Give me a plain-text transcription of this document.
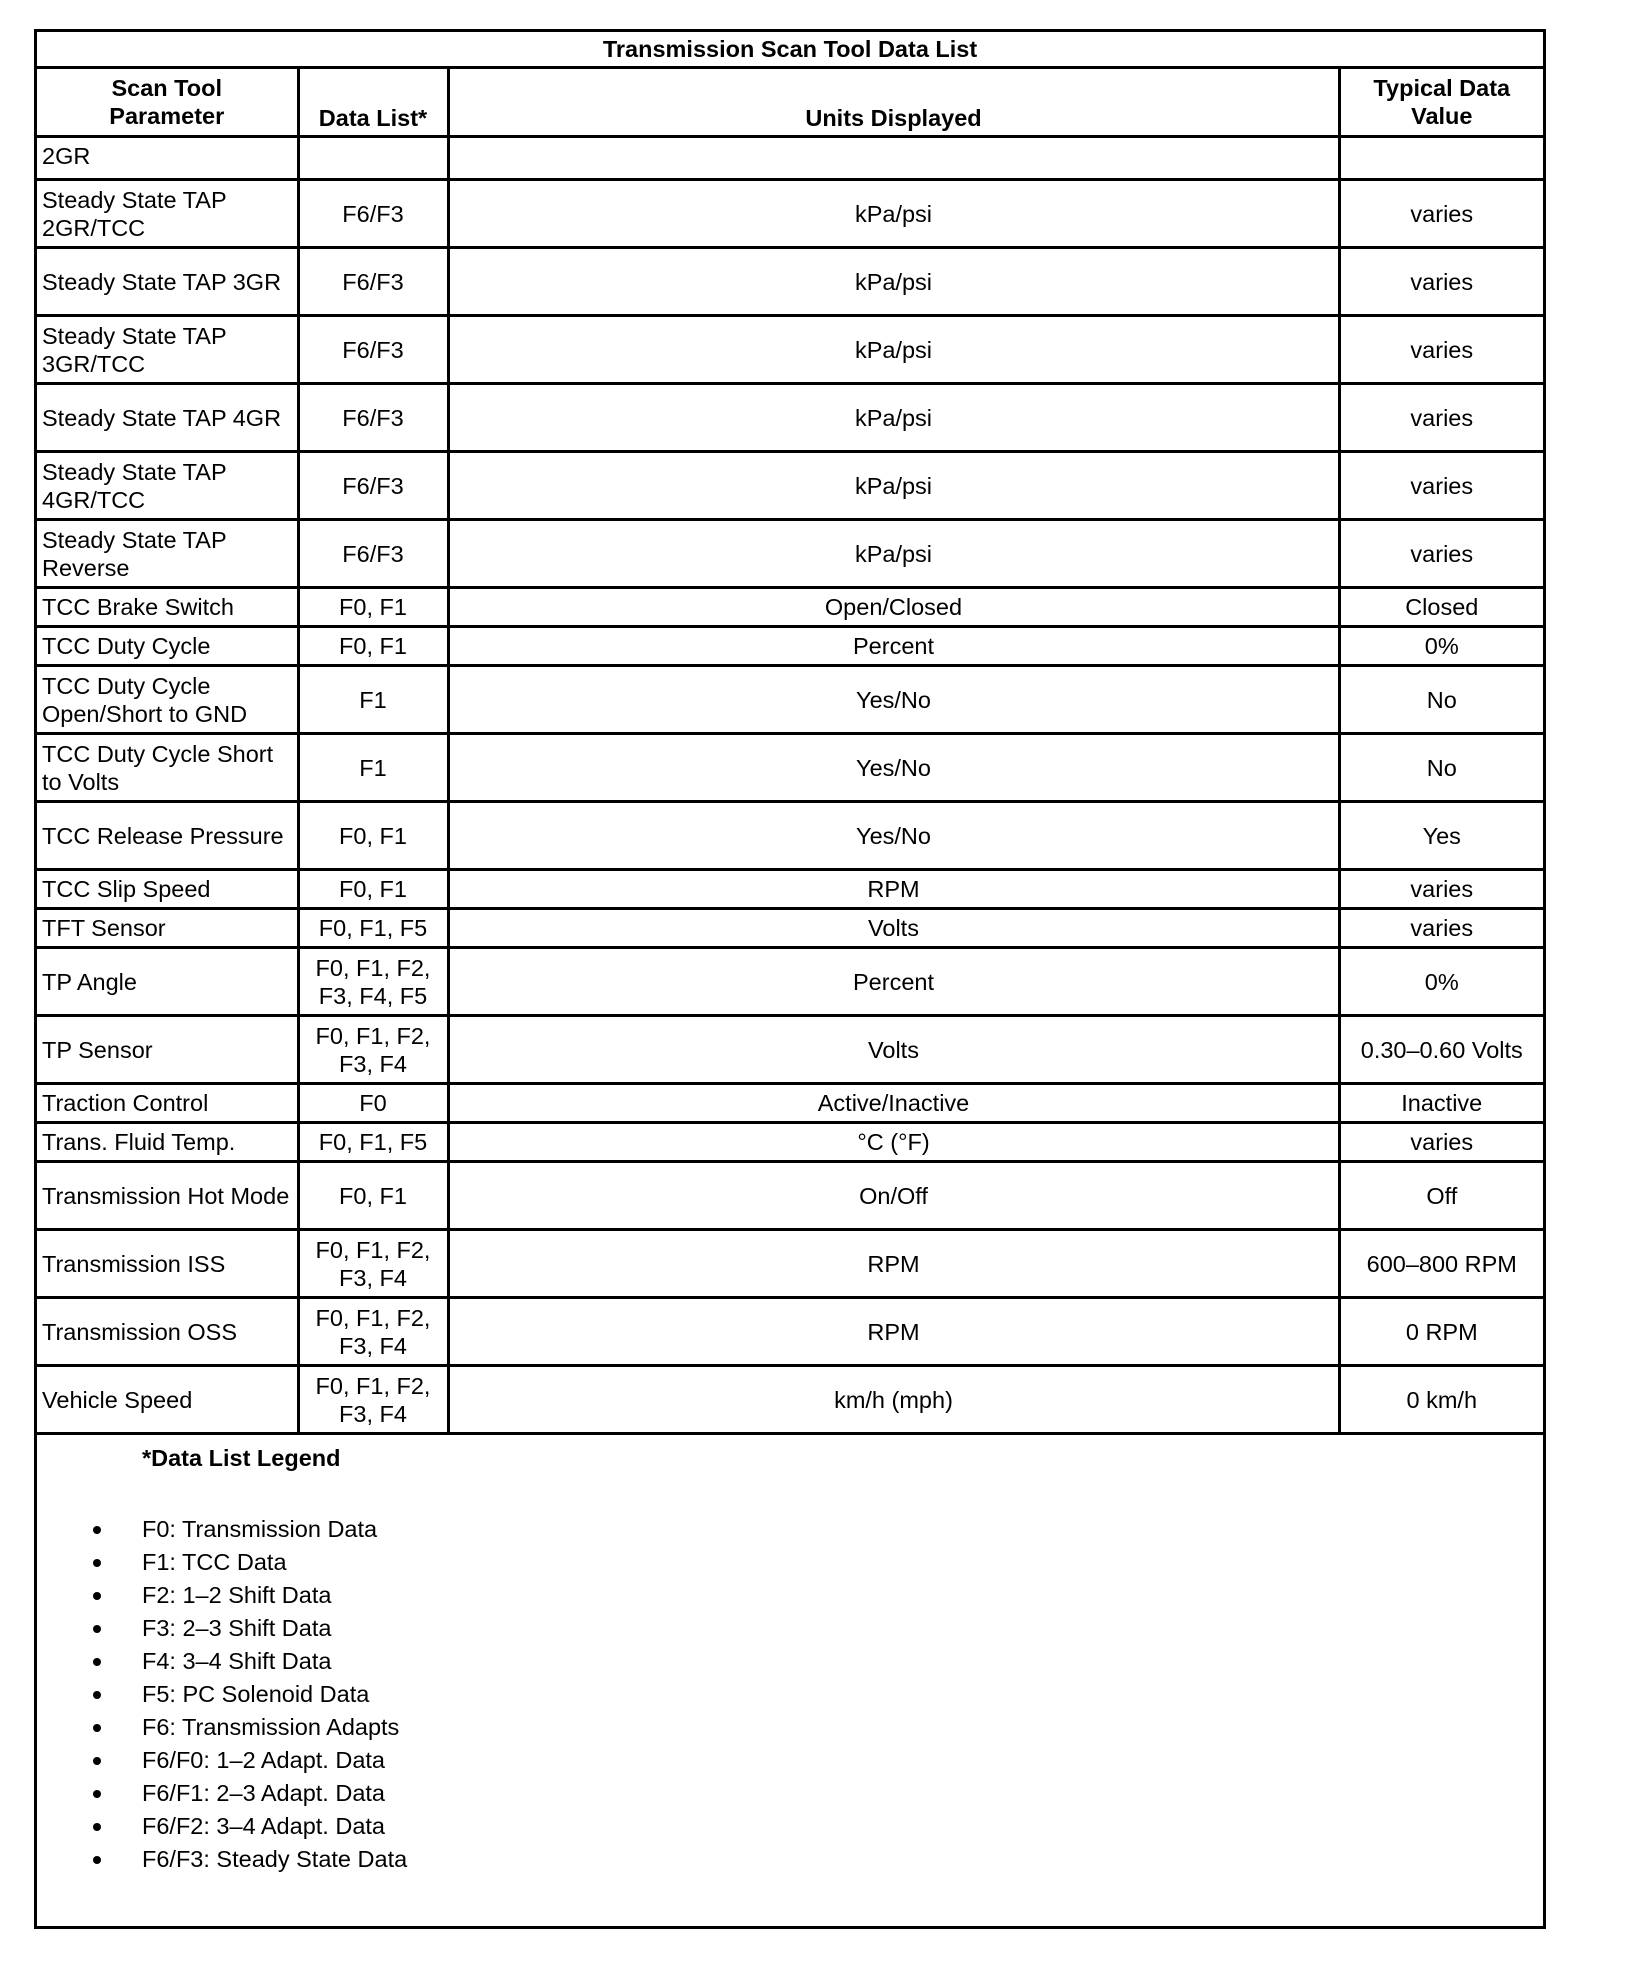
Transmission Scan Tool Data List			
Scan Tool Parameter	Data List*	Units Displayed	Typical Data Value
2GR			
Steady State TAP 2GR/TCC	F6/F3	kPa/psi	varies
Steady State TAP 3GR	F6/F3	kPa/psi	varies
Steady State TAP 3GR/TCC	F6/F3	kPa/psi	varies
Steady State TAP 4GR	F6/F3	kPa/psi	varies
Steady State TAP 4GR/TCC	F6/F3	kPa/psi	varies
Steady State TAP Reverse	F6/F3	kPa/psi	varies
TCC Brake Switch	F0, F1	Open/Closed	Closed
TCC Duty Cycle	F0, F1	Percent	0%
TCC Duty Cycle Open/Short to GND	F1	Yes/No	No
TCC Duty Cycle Short to Volts	F1	Yes/No	No
TCC Release Pressure	F0, F1	Yes/No	Yes
TCC Slip Speed	F0, F1	RPM	varies
TFT Sensor	F0, F1, F5	Volts	varies
TP Angle	F0, F1, F2, F3, F4, F5	Percent	0%
TP Sensor	F0, F1, F2, F3, F4	Volts	0.30–0.60 Volts
Traction Control	F0	Active/Inactive	Inactive
Trans. Fluid Temp.	F0, F1, F5	°C (°F)	varies
Transmission Hot Mode	F0, F1	On/Off	Off
Transmission ISS	F0, F1, F2, F3, F4	RPM	600–800 RPM
Transmission OSS	F0, F1, F2, F3, F4	RPM	0 RPM
Vehicle Speed	F0, F1, F2, F3, F4	km/h (mph)	0 km/h
*Data List Legend
F0: Transmission Data
F1: TCC Data
F2: 1–2 Shift Data
F3: 2–3 Shift Data
F4: 3–4 Shift Data
F5: PC Solenoid Data
F6: Transmission Adapts
F6/F0: 1–2 Adapt. Data
F6/F1: 2–3 Adapt. Data
F6/F2: 3–4 Adapt. Data
F6/F3: Steady State Data
